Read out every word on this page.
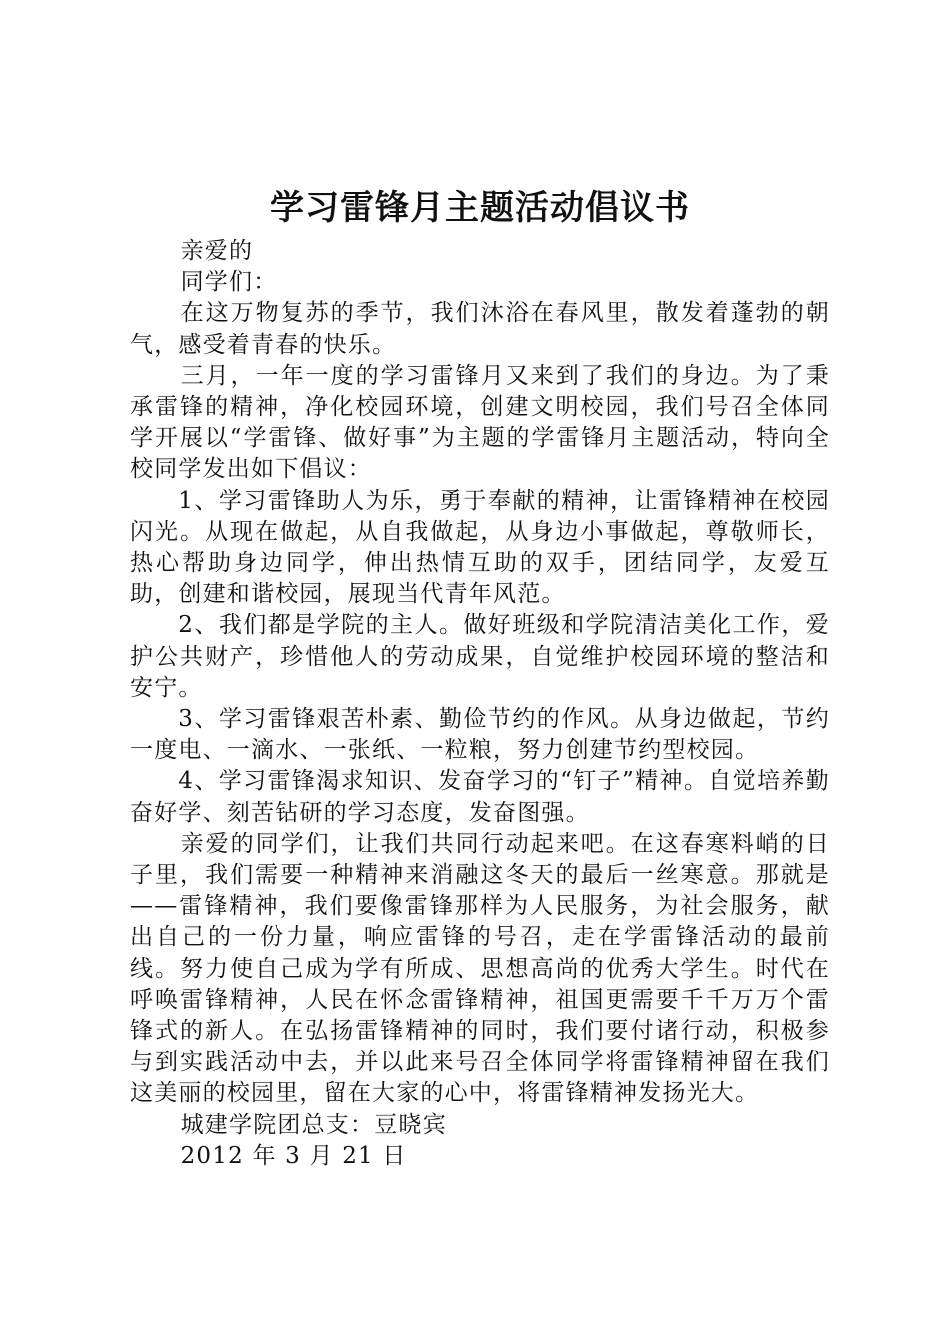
学习雷锋月主题活动倡议书

亲爱的

同学们：

在这万物复苏的季节，我们沐浴在春风里，散发着蓬勃的朝气，感受着青春的快乐。

三月，一年一度的学习雷锋月又来到了我们的身边。为了秉承雷锋的精神，净化校园环境，创建文明校园，我们号召全体同学开展以“学雷锋、做好事”为主题的学雷锋月主题活动，特向全校同学发出如下倡议：

1、学习雷锋助人为乐，勇于奉献的精神，让雷锋精神在校园闪光。从现在做起，从自我做起，从身边小事做起，尊敬师长，热心帮助身边同学，伸出热情互助的双手，团结同学，友爱互助，创建和谐校园，展现当代青年风范。

2、我们都是学院的主人。做好班级和学院清洁美化工作，爱护公共财产，珍惜他人的劳动成果，自觉维护校园环境的整洁和安宁。

3、学习雷锋艰苦朴素、勤俭节约的作风。从身边做起，节约一度电、一滴水、一张纸、一粒粮，努力创建节约型校园。

4、学习雷锋渴求知识、发奋学习的“钉子”精神。自觉培养勤奋好学、刻苦钻研的学习态度，发奋图强。

亲爱的同学们，让我们共同行动起来吧。在这春寒料峭的日子里，我们需要一种精神来消融这冬天的最后一丝寒意。那就是——雷锋精神，我们要像雷锋那样为人民服务，为社会服务，献出自己的一份力量，响应雷锋的号召，走在学雷锋活动的最前线。努力使自己成为学有所成、思想高尚的优秀大学生。时代在呼唤雷锋精神，人民在怀念雷锋精神，祖国更需要千千万万个雷锋式的新人。在弘扬雷锋精神的同时，我们要付诸行动，积极参与到实践活动中去，并以此来号召全体同学将雷锋精神留在我们这美丽的校园里，留在大家的心中，将雷锋精神发扬光大。

城建学院团总支：豆晓宾

2012 年 3 月 21 日
